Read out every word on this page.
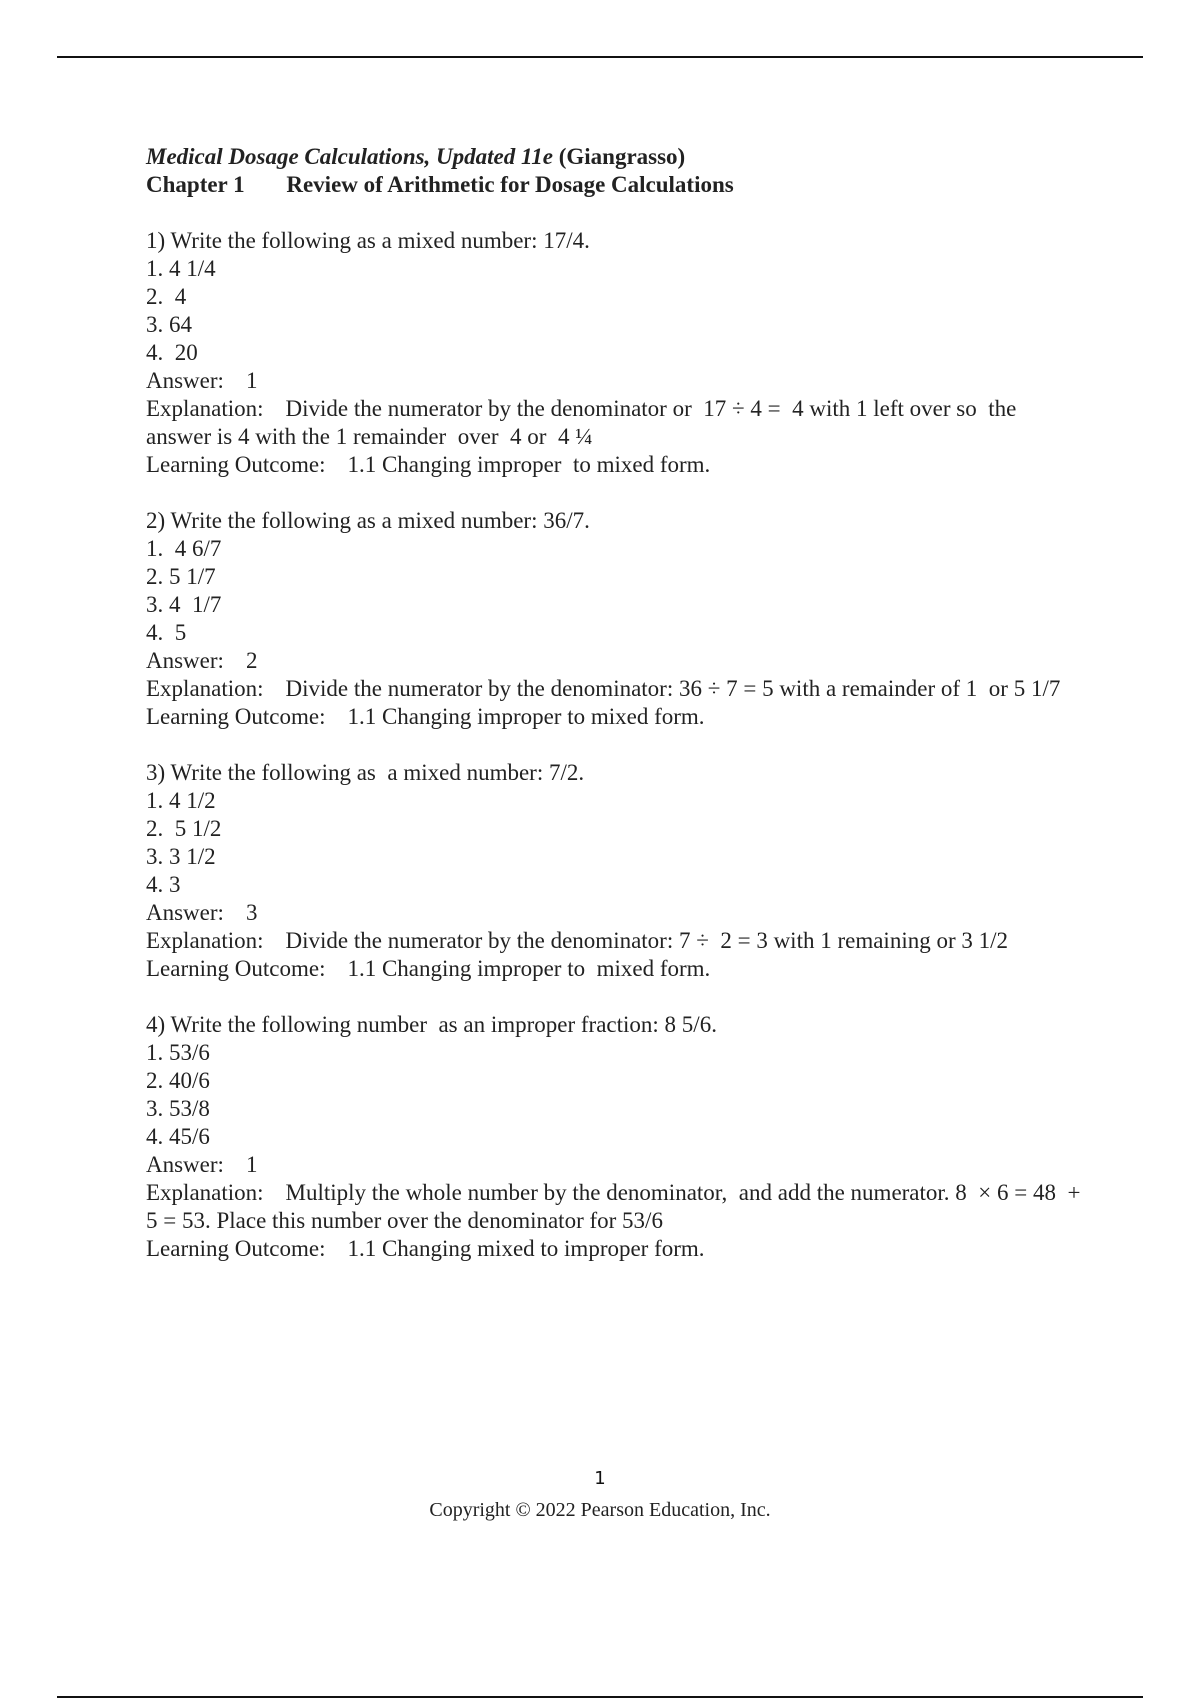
Medical Dosage Calculations, Updated 11e (Giangrasso)
Chapter 1 Review of Arithmetic for Dosage Calculations
1) Write the following as a mixed number: 17/4.
1. 4 1/4
2.  4
3. 64
4.  20
Answer: 1
Explanation: Divide the numerator by the denominator or  17 ÷ 4 =  4 with 1 left over so  the answer is 4 with the 1 remainder  over  4 or  4 ¼
Learning Outcome: 1.1 Changing improper  to mixed form.
2) Write the following as a mixed number: 36/7.
1.  4 6/7
2. 5 1/7
3. 4  1/7
4.  5
Answer: 2
Explanation: Divide the numerator by the denominator: 36 ÷ 7 = 5 with a remainder of 1  or 5 1/7
Learning Outcome: 1.1 Changing improper to mixed form.
3) Write the following as  a mixed number: 7/2.
1. 4 1/2
2.  5 1/2
3. 3 1/2
4. 3
Answer: 3
Explanation: Divide the numerator by the denominator: 7 ÷  2 = 3 with 1 remaining or 3 1/2
Learning Outcome: 1.1 Changing improper to  mixed form.
4) Write the following number  as an improper fraction: 8 5/6.
1. 53/6
2. 40/6
3. 53/8
4. 45/6
Answer: 1
Explanation: Multiply the whole number by the denominator,  and add the numerator. 8  × 6 = 48  + 5 = 53. Place this number over the denominator for 53/6
Learning Outcome: 1.1 Changing mixed to improper form.
1
Copyright © 2022 Pearson Education, Inc.
